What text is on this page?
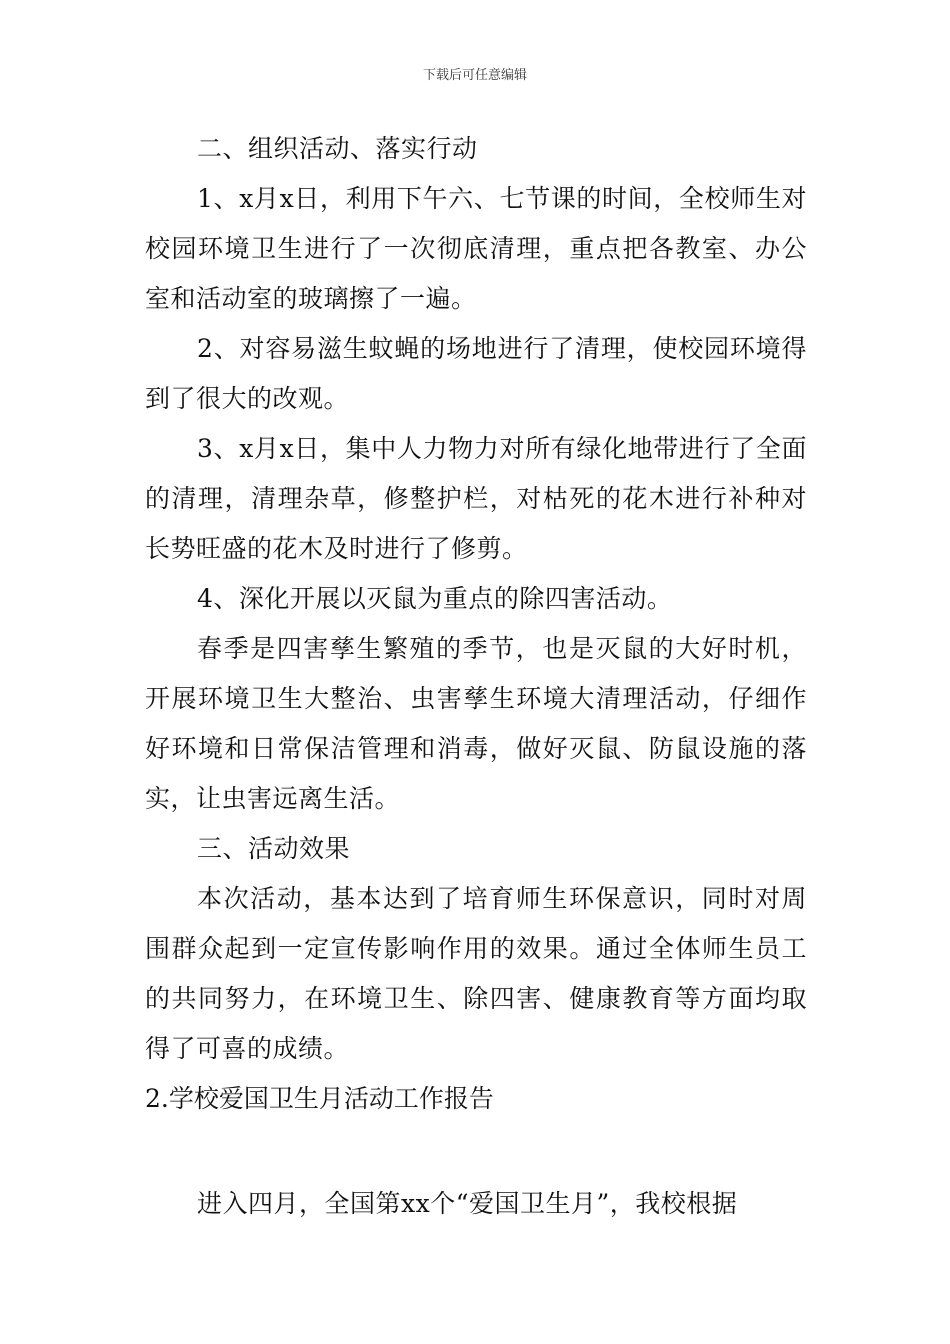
下载后可任意编辑

二、组织活动、落实行动

1、x月x日，利用下午六、七节课的时间，全校师生对校园环境卫生进行了一次彻底清理，重点把各教室、办公室和活动室的玻璃擦了一遍。

2、对容易滋生蚊蝇的场地进行了清理，使校园环境得到了很大的改观。

3、x月x日，集中人力物力对所有绿化地带进行了全面的清理，清理杂草，修整护栏，对枯死的花木进行补种对长势旺盛的花木及时进行了修剪。

4、深化开展以灭鼠为重点的除四害活动。

春季是四害孳生繁殖的季节，也是灭鼠的大好时机，开展环境卫生大整治、虫害孳生环境大清理活动，仔细作好环境和日常保洁管理和消毒，做好灭鼠、防鼠设施的落实，让虫害远离生活。

三、活动效果

本次活动，基本达到了培育师生环保意识，同时对周围群众起到一定宣传影响作用的效果。通过全体师生员工的共同努力，在环境卫生、除四害、健康教育等方面均取得了可喜的成绩。

2.学校爱国卫生月活动工作报告

进入四月，全国第xx个“爱国卫生月”，我校根据
